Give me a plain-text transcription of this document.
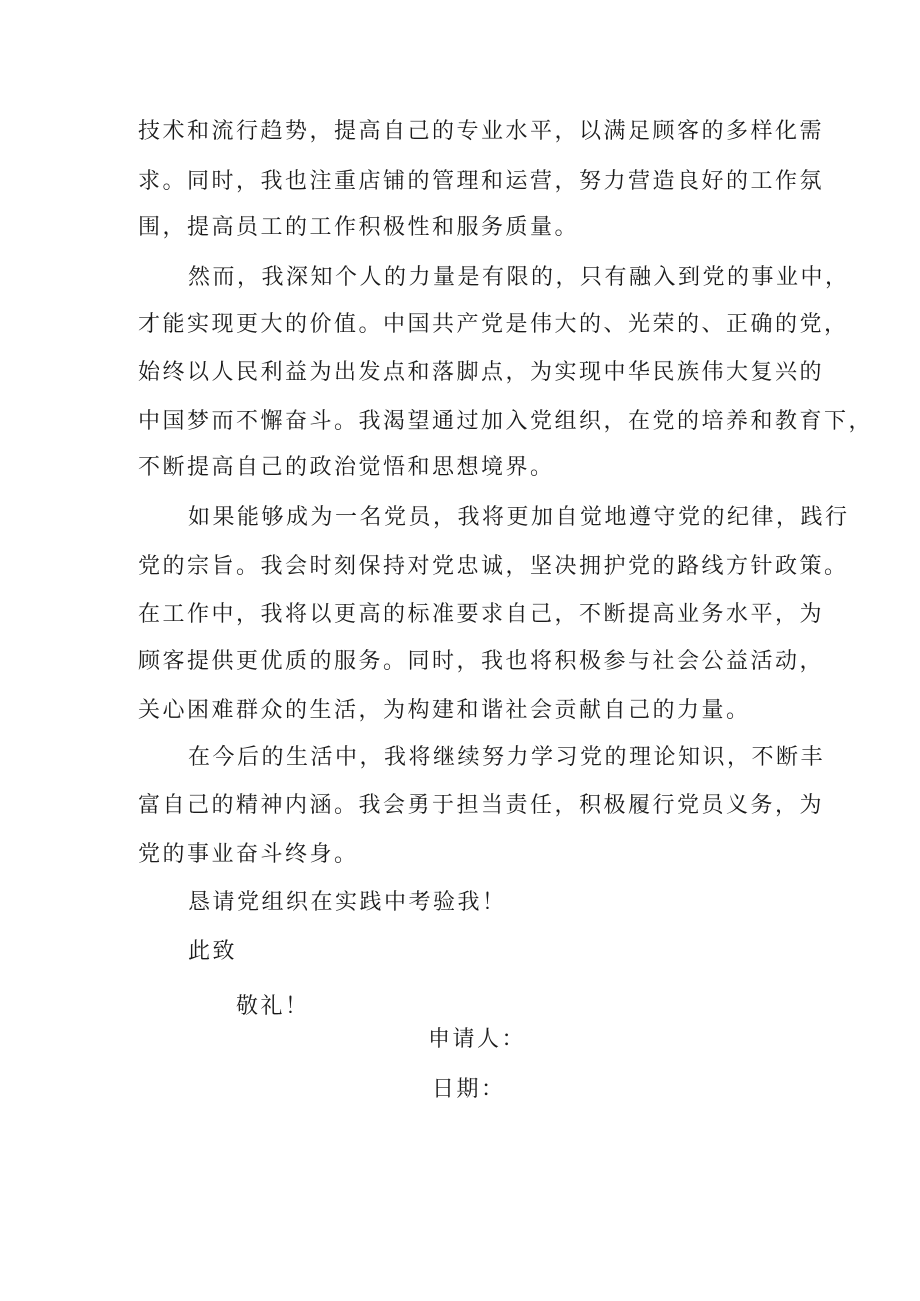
技术和流行趋势，提高自己的专业水平，以满足顾客的多样化需

求。同时，我也注重店铺的管理和运营，努力营造良好的工作氛

围，提高员工的工作积极性和服务质量。

然而，我深知个人的力量是有限的，只有融入到党的事业中，

才能实现更大的价值。中国共产党是伟大的、光荣的、正确的党，

始终以人民利益为出发点和落脚点，为实现中华民族伟大复兴的

中国梦而不懈奋斗。我渴望通过加入党组织，在党的培养和教育下，

不断提高自己的政治觉悟和思想境界。

如果能够成为一名党员，我将更加自觉地遵守党的纪律，践行

党的宗旨。我会时刻保持对党忠诚，坚决拥护党的路线方针政策。

在工作中，我将以更高的标准要求自己，不断提高业务水平，为

顾客提供更优质的服务。同时，我也将积极参与社会公益活动，

关心困难群众的生活，为构建和谐社会贡献自己的力量。

在今后的生活中，我将继续努力学习党的理论知识，不断丰

富自己的精神内涵。我会勇于担当责任，积极履行党员义务，为

党的事业奋斗终身。

恳请党组织在实践中考验我！

此致

敬礼！

申请人：

日期：
